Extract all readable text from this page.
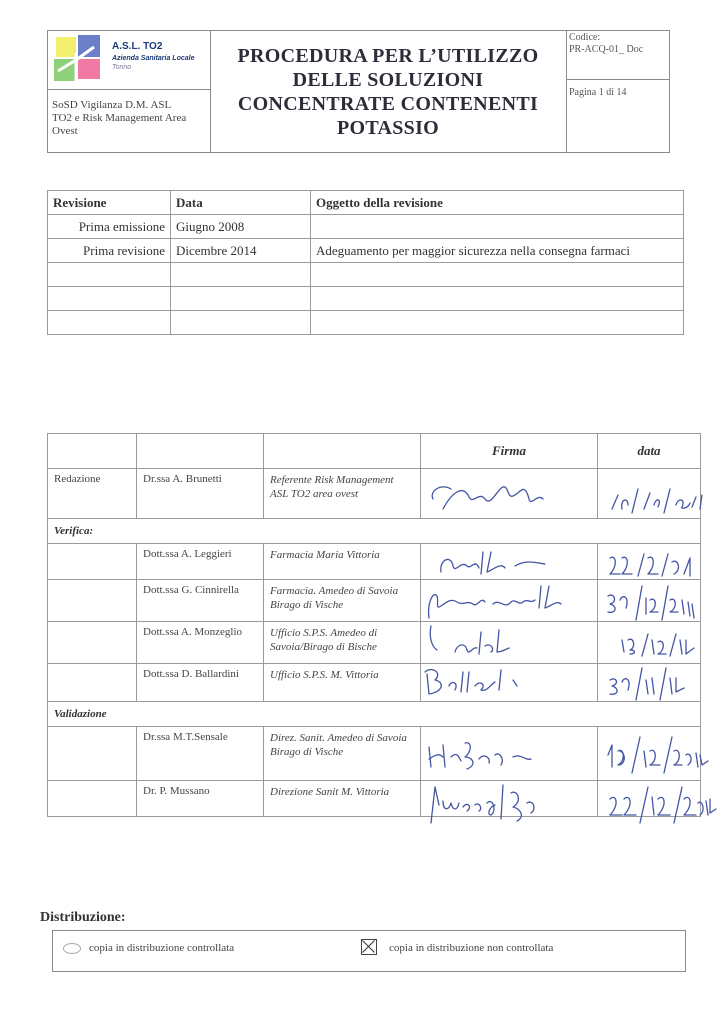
A.S.L. TO2
Azienda Sanitaria Locale
Torino
SoSD Vigilanza D.M. ASL
TO2 e Risk Management Area
Ovest
PROCEDURA PER L’UTILIZZO
DELLE SOLUZIONI
CONCENTRATE CONTENENTI
POTASSIO
Codice:
PR-ACQ-01_ Doc
Pagina 1 di 14
Revisione	Data	Oggetto della revisione
Prima emissione	Giugno 2008	
Prima revisione	Dicembre 2014	Adeguamento per maggior sicurezza nella consegna farmaci

			Firma	data
Redazione	Dr.ssa A. Brunetti	Referente Risk Management ASL TO2 area ovest	

Verifica:				
	Dott.ssa A. Leggieri	Farmacia Maria Vittoria	

	Dott.ssa G. Cinnirella	Farmacia. Amedeo di Savoia Birago di Vische	

	Dott.ssa A. Monzeglio	Ufficio S.P.S. Amedeo di Savoia/Birago di Bische	

	Dott.ssa D. Ballardini	Ufficio S.P.S. M. Vittoria	

Validazione				
	Dr.ssa M.T.Sensale	Direz. Sanit. Amedeo di Savoia Birago di Vische	

	Dr. P. Mussano	Direzione Sanit M. Vittoria	

Distribuzione:
copia in distribuzione controllata	copia in distribuzione non controllata
